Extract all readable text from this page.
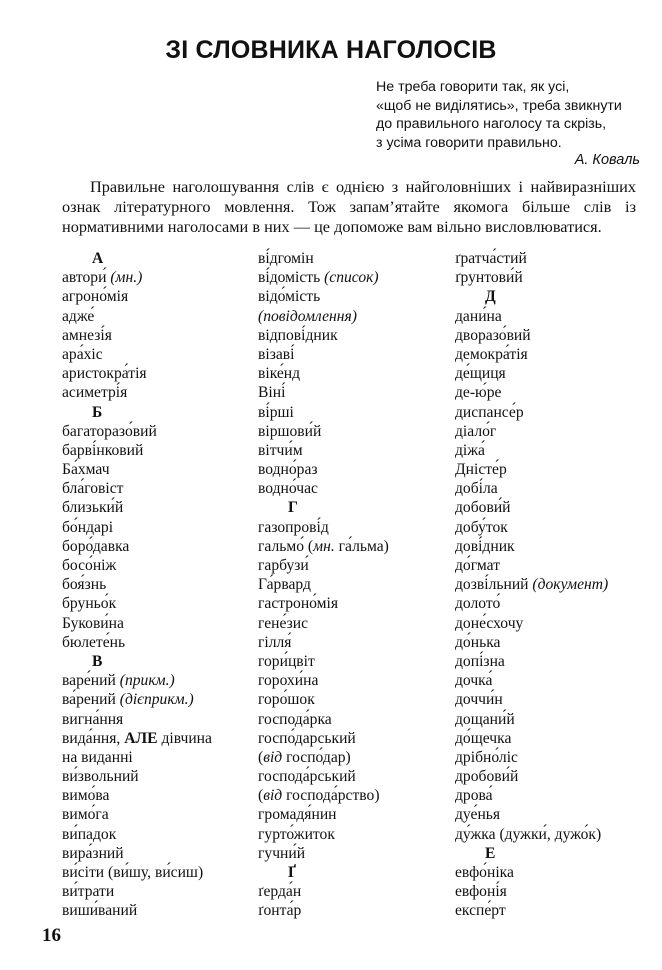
ЗІ СЛОВНИКА НАГОЛОСІВ
Не треба говорити так, як усі,
«щоб не виділятись», треба звикнути
до правильного наголосу та скрізь,
з усіма говорити правильно.
А. Коваль

Правильне наголошування слів є однією з найголовніших і найвиразніших ознак літературного мовлення. Тож запам’ятайте якомога більше слів із нормативними наголосами в них — це допоможе вам вільно висловлюватися.

А
автори́ (мн.)
агроно́мія
адже́
амнезі́я
ара́хіс
аристокра́тія
асиметрі́я
Б
багаторазо́вий
барві́нковий
Ба́хмач
бла́говіст
близьки́й
бо́ндарі
боро́давка
босо́ніж
боя́знь
бруньо́к
Букови́на
бюлете́нь
В
варе́ний (прикм.)
ва́рений (дієприкм.)
вигна́ння
вида́ння, АЛЕ дівчина
на виданні
ви́звольний
вимо́ва
вимо́га
ви́падок
вира́зний
ви́сіти (ви́шу, ви́сиш)
ви́трати
виши́ваний
ві́дгомін
ві́домість (список)
відо́мість
(повідомлення)
відпові́дник
візаві́
віке́нд
Віні́
ві́рші
віршови́й
вітчи́м
водно́раз
водно́час
Г
газопрові́д
гальмо́ (мн. га́льма)
гарбузи́
Га́рвард
гастроно́мія
гене́зис
гілля́
гори́цвіт
горохи́на
горо́шок
господа́рка
госпо́дарський
(від госпо́дар)
господа́рський
(від господа́рство)
громадя́нин
гурто́житок
гучни́й
Ґ
ґерда́н
ґонта́р
ґратча́стий
ґрунтови́й
Д
дани́на
дворазо́вий
демокра́тія
де́щиця
де-ю́ре
диспансе́р
діало́г
діжа́
Дністе́р
добі́ла
добови́й
добу́ток
дові́дник
до́гмат
дозві́льний (документ)
долото́
доне́схочу
до́нька
допі́зна
дочка́
доччи́н
дощани́й
до́щечка
дрібно́ліс
дробови́й
дрова́
дуе́нья
ду́жка (дужки́, дужо́к)
Е
евфо́ніка
евфоні́я
експе́рт
16
